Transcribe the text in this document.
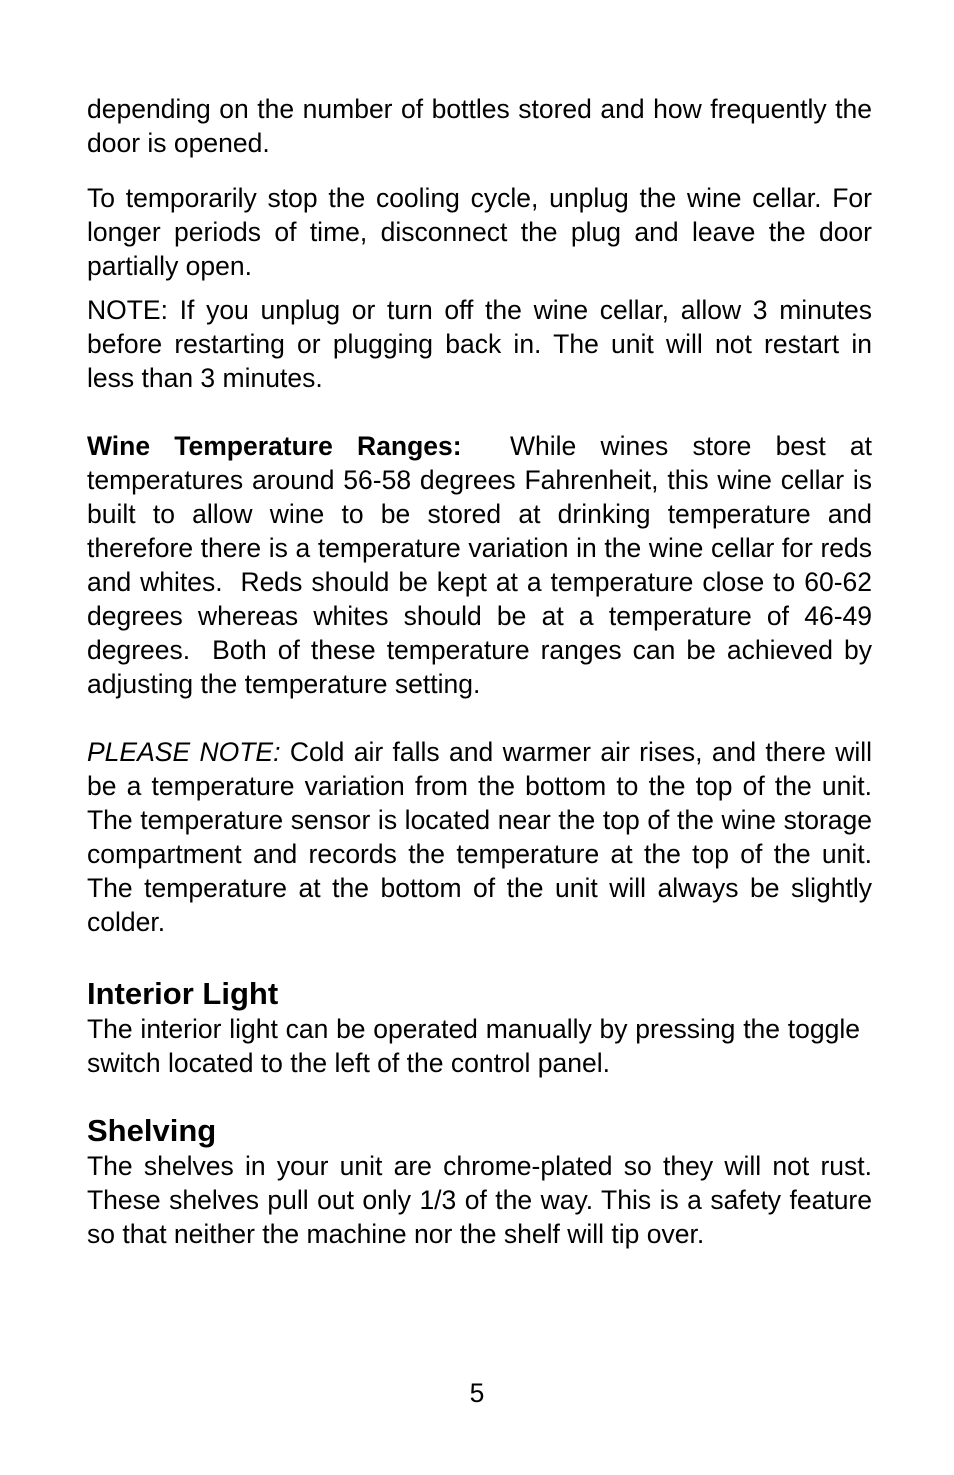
depending on the number of bottles stored and how frequently the door is opened.

To temporarily stop the cooling cycle, unplug the wine cellar. For longer periods of time, disconnect the plug and leave the door partially open.

NOTE: If you unplug or turn off the wine cellar, allow 3 minutes before restarting or plugging back in. The unit will not restart in less than 3 minutes.

Wine Temperature Ranges:  While wines store best at temperatures around 56-58 degrees Fahrenheit, this wine cellar is built to allow wine to be stored at drinking temperature and therefore there is a temperature variation in the wine cellar for reds and whites.  Reds should be kept at a temperature close to 60-62 degrees whereas whites should be at a temperature of 46-49 degrees.  Both of these temperature ranges can be achieved by adjusting the temperature setting.

PLEASE NOTE: Cold air falls and warmer air rises, and there will be a temperature variation from the bottom to the top of the unit. The temperature sensor is located near the top of the wine storage compartment and records the temperature at the top of the unit. The temperature at the bottom of the unit will always be slightly colder.

Interior Light

The interior light can be operated manually by pressing the toggle switch located to the left of the control panel.

Shelving

The shelves in your unit are chrome-plated so they will not rust. These shelves pull out only 1/3 of the way. This is a safety feature so that neither the machine nor the shelf will tip over.

5
